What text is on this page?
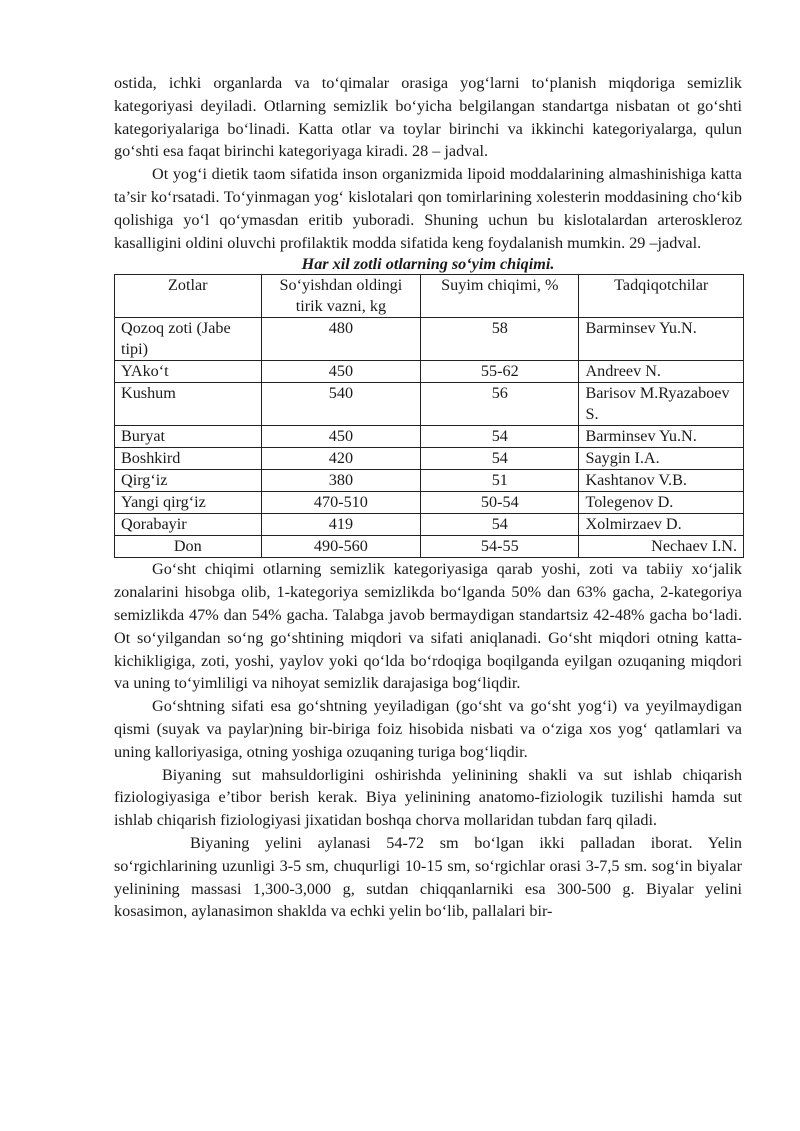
ostida, ichki organlarda va to‘qimalar orasiga yog‘larni to‘planish miqdoriga semizlik kategoriyasi deyiladi. Otlarning semizlik bo‘yicha belgilangan standartga nisbatan ot go‘shti kategoriyalariga bo‘linadi. Katta otlar va toylar birinchi va ikkinchi kategoriyalarga, qulun go‘shti esa faqat birinchi kategoriyaga kiradi. 28 – jadval.

Ot yog‘i dietik taom sifatida inson organizmida lipoid moddalarining almashinishiga katta ta’sir ko‘rsatadi. To‘yinmagan yog‘ kislotalari qon tomirlarining xolesterin moddasining cho‘kib qolishiga yo‘l qo‘ymasdan eritib yuboradi. Shuning uchun bu kislotalardan arteroskleroz kasalligini oldini oluvchi profilaktik modda sifatida keng foydalanish mumkin. 29 –jadval.

Har xil zotli otlarning so‘yim chiqimi.

Zotlar	So‘yishdan oldingi tirik vazni, kg	Suyim chiqimi, %	Tadqiqotchilar
Qozoq zoti (Jabe tipi)	480	58	Barminsev Yu.N.
YAko‘t	450	55-62	Andreev N.
Kushum	540	56	Barisov M.Ryazaboev S.
Buryat	450	54	Barminsev Yu.N.
Boshkird	420	54	Saygin I.A.
Qirg‘iz	380	51	Kashtanov V.B.
Yangi qirg‘iz	470-510	50-54	Tolegenov D.
Qorabayir	419	54	Xolmirzaev D.
Don	490-560	54-55	Nechaev I.N.

Go‘sht chiqimi otlarning semizlik kategoriyasiga qarab yoshi, zoti va tabiiy xo‘jalik zonalarini hisobga olib, 1-kategoriya semizlikda bo‘lganda 50% dan 63% gacha, 2-kategoriya semizlikda 47% dan 54% gacha. Talabga javob bermaydigan standartsiz 42-48% gacha bo‘ladi. Ot so‘yilgandan so‘ng go‘shtining miqdori va sifati aniqlanadi. Go‘sht miqdori otning katta-kichikligiga, zoti, yoshi, yaylov yoki qo‘lda bo‘rdoqiga boqilganda eyilgan ozuqaning miqdori va uning to‘yimliligi va nihoyat semizlik darajasiga bog‘liqdir.

Go‘shtning sifati esa go‘shtning yeyiladigan (go‘sht va go‘sht yog‘i) va yeyilmaydigan qismi (suyak va paylar)ning bir-biriga foiz hisobida nisbati va o‘ziga xos yog‘ qatlamlari va uning kalloriyasiga, otning yoshiga ozuqaning turiga bog‘liqdir.

Biyaning sut mahsuldorligini oshirishda yelinining shakli va sut ishlab chiqarish fiziologiyasiga e’tibor berish kerak. Biya yelinining anatomo-fiziologik tuzilishi hamda sut ishlab chiqarish fiziologiyasi jixatidan boshqa chorva mollaridan tubdan farq qiladi.

Biyaning yelini aylanasi 54-72 sm bo‘lgan ikki palladan iborat. Yelin so‘rgichlarining uzunligi 3-5 sm, chuqurligi 10-15 sm, so‘rgichlar orasi 3-7,5 sm. sog‘in biyalar yelinining massasi 1,300-3,000 g, sutdan chiqqanlarniki esa 300-500 g. Biyalar yelini kosasimon, aylanasimon shaklda va echki yelin bo‘lib, pallalari bir-
